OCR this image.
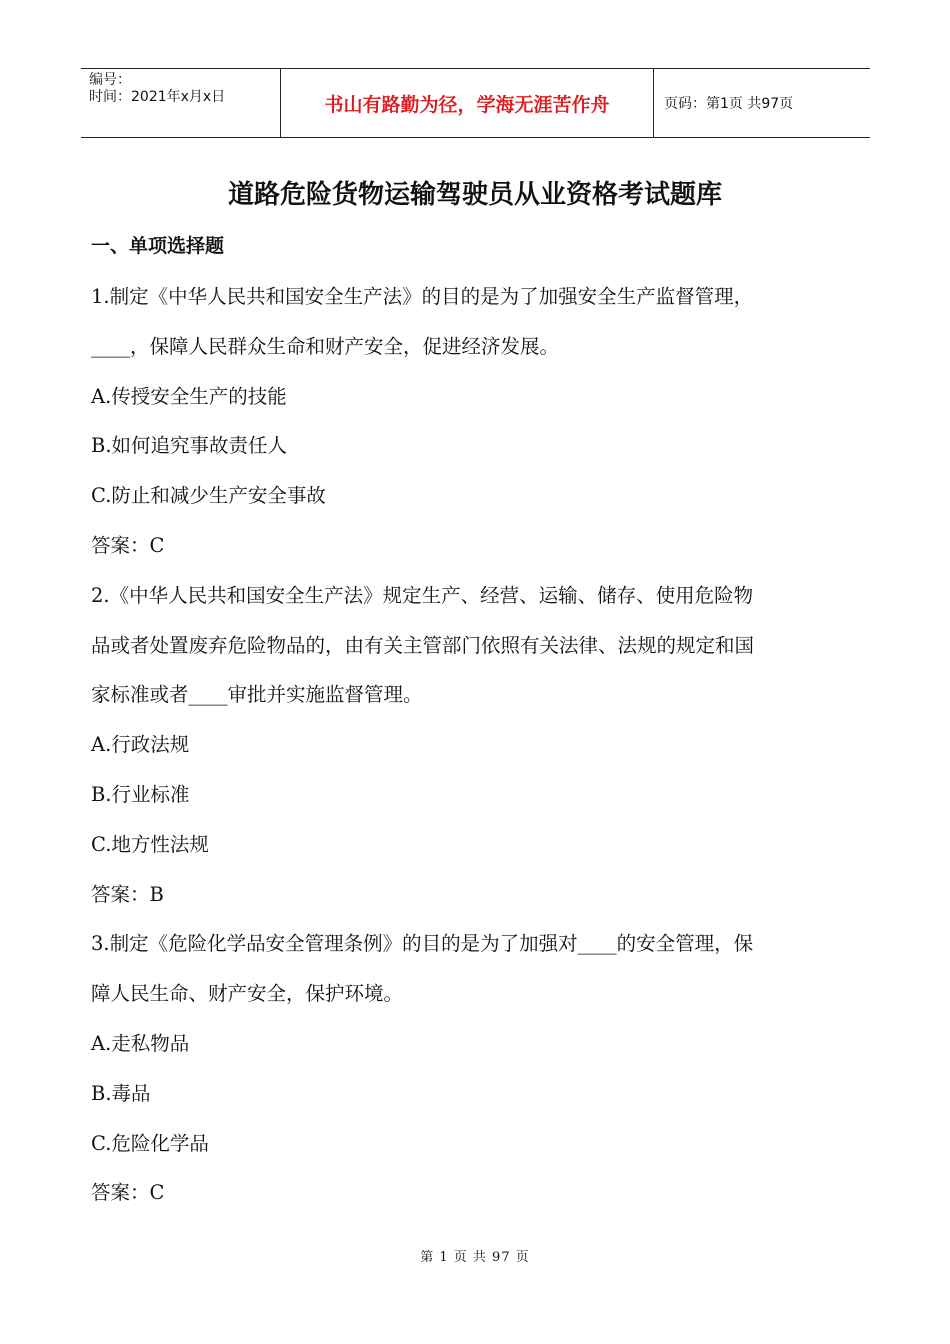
编号：
时间：2021年x月x日	书山有路勤为径，学海无涯苦作舟	页码：第1页 共97页
道路危险货物运输驾驶员从业资格考试题库
一、单项选择题
1.制定《中华人民共和国安全生产法》的目的是为了加强安全生产监督管理，
____，保障人民群众生命和财产安全，促进经济发展。
A.传授安全生产的技能
B.如何追究事故责任人
C.防止和减少生产安全事故
答案：C
2.《中华人民共和国安全生产法》规定生产、经营、运输、储存、使用危险物
品或者处置废弃危险物品的，由有关主管部门依照有关法律、法规的规定和国
家标准或者____审批并实施监督管理。
A.行政法规
B.行业标准
C.地方性法规
答案：B
3.制定《危险化学品安全管理条例》的目的是为了加强对____的安全管理，保
障人民生命、财产安全，保护环境。
A.走私物品
B.毒品
C.危险化学品
答案：C
第 1 页 共 97 页
